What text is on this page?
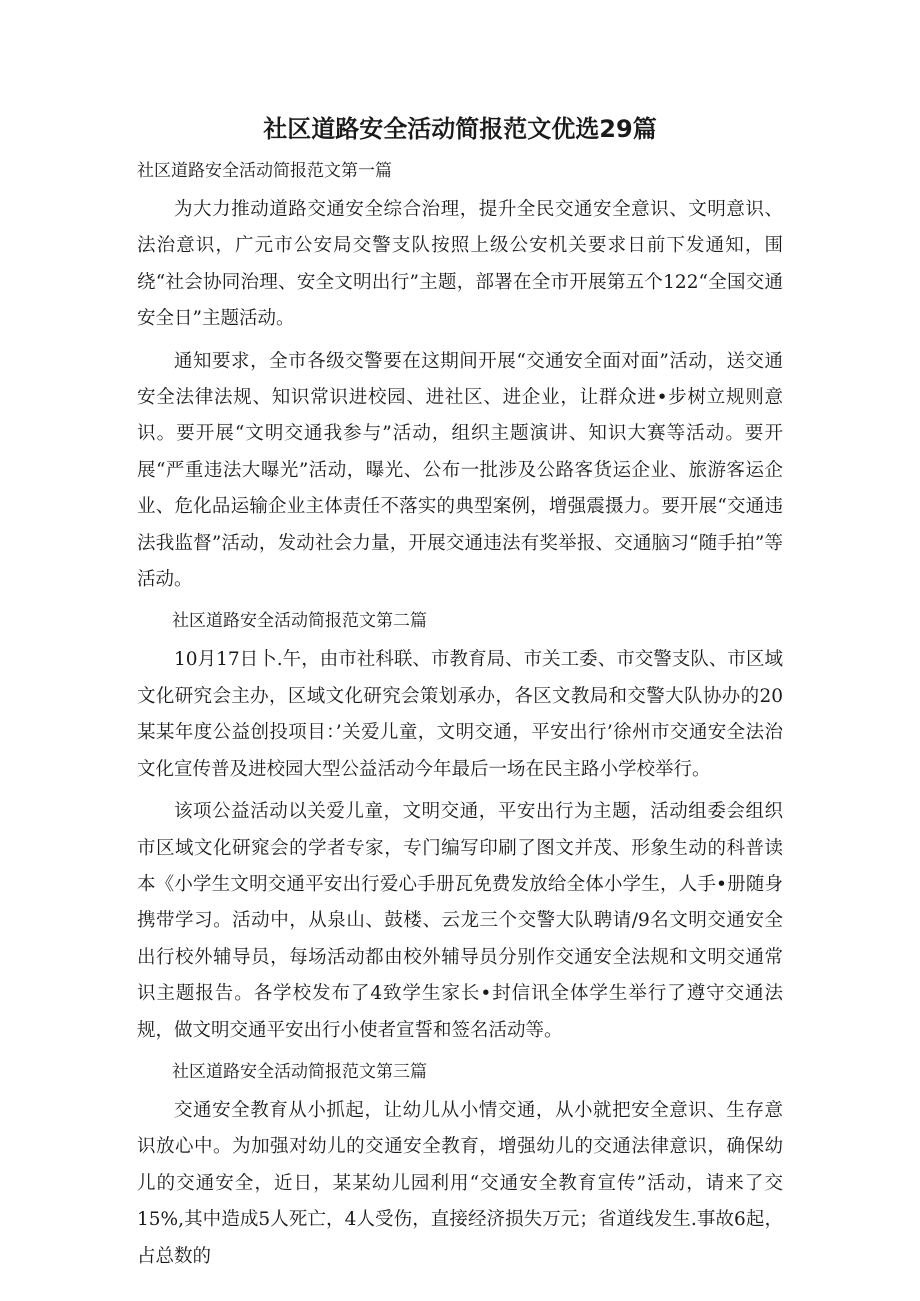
社区道路安全活动简报范文优选29篇

社区道路安全活动简报范文第一篇

为大力推动道路交通安全综合治理，提升全民交通安全意识、文明意识、法治意识，广元市公安局交警支队按照上级公安机关要求日前下发通知，围绕“社会协同治理、安全文明出行”主题，部署在全市开展第五个122“全国交通安全日”主题活动。

通知要求，全市各级交警要在这期间开展“交通安全面对面”活动，送交通安全法律法规、知识常识进校园、进社区、进企业，让群众进•步树立规则意识。要开展“文明交通我参与”活动，组织主题演讲、知识大赛等活动。要开展“严重违法大曝光”活动，曝光、公布一批涉及公路客货运企业、旅游客运企业、危化品运输企业主体责任不落实的典型案例，增强震摄力。要开展“交通违法我监督”活动，发动社会力量，开展交通违法有奖举报、交通脑习“随手拍”等活动。

社区道路安全活动简报范文第二篇

10月17日卜.午，由市社科联、市教育局、市关工委、市交警支队、市区域文化研究会主办，区域文化研究会策划承办，各区文教局和交警大队协办的20某某年度公益创投项目：’关爱儿童，文明交通，平安出行’徐州市交通安全法治文化宣传普及进校园大型公益活动今年最后一场在民主路小学校举行。

该项公益活动以关爱儿童，文明交通，平安出行为主题，活动组委会组织市区域文化研窕会的学者专家，专门编写印刷了图文并茂、形象生动的科普读本《小学生文明交通平安出行爱心手册瓦免费发放给全体小学生，人手•册随身携带学习。活动中，从泉山、鼓楼、云龙三个交警大队聘请/9名文明交通安全出行校外辅导员，每场活动都由校外辅导员分别作交通安全法规和文明交通常识主题报告。各学校发布了4致学生家长•封信讯全体学生举行了遵守交通法规，做文明交通平安出行小使者宣誓和签名活动等。

社区道路安全活动简报范文第三篇

交通安全教育从小抓起，让幼儿从小情交通，从小就把安全意识、生存意识放心中。为加强对幼儿的交通安全教育，增强幼儿的交通法律意识，确保幼儿的交通安全，近日，某某幼儿园利用“交通安全教育宣传”活动，请来了交15%,其中造成5人死亡，4人受伤，直接经济损失万元；省道线发生.事故6起，占总数的
